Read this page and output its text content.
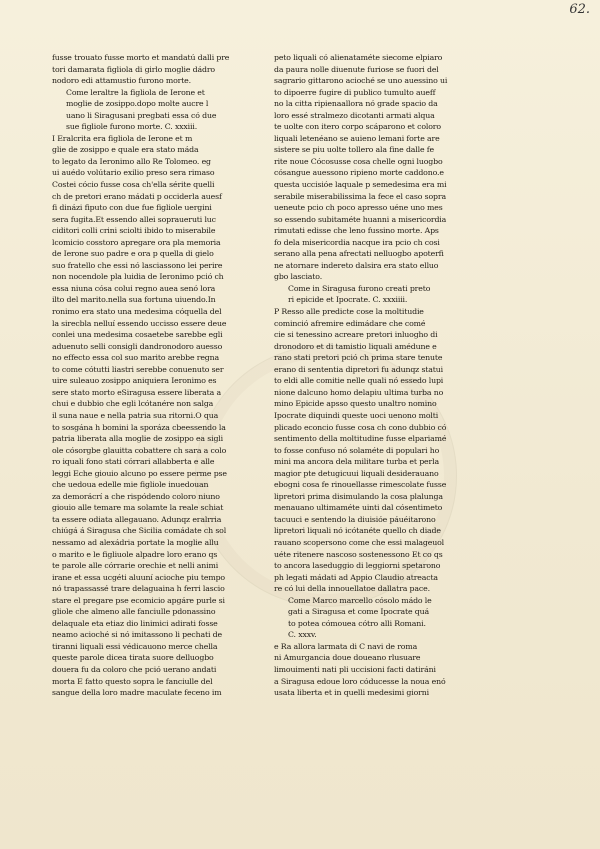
62.
fusse trouato fusse morto et mandatú dalli pre
tori damarata figliola di girlo moglie dádro
nodoro edi attamustio furono morte.
Come leraltre la figliola de Ierone et
moglie de zosippo.dopo molte aucre l
uano li Siragusani pregbati essa có due
sue figliole furono morte. C. xxxiii.
I Eralcrita era figliola de Ierone et m
glie de zosippo e quale era stato máda
to legato da Ieronimo allo Re Tolomeo. eg
ui auédo volútario exilio preso sera rimaso
Costei cócio fusse cosa ch'ella sérite quelli
ch de pretori erano mádati p occiderla auesf
fi dinázi fiputo con due fue figliole uergini
sera fugita.Et essendo allei sopraueruti luc
ciditori colli crini sciolti ibido to miserabile
lcomicio cosstoro apregare ora pla memoria
de Ierone suo padre e ora p quella di gielo
suo fratello che essi nó lasciassono lei perire
non nocendole pla luidia de Ieronimo pció ch
essa niuna cósa colui regno auea senó lora
ilto del marito.nella sua fortuna uiuendo.In
ronimo era stato una medesima cóquella del
la sirecbla nelluí essendo uccisso essere deue
conlei una medesima cosaetebe sarebbe egli
aduenuto selli consigli dandronodoro auesso
no effecto essa col suo marito arebbe regna
to come cótutti liastri serebbe conuenuto ser
uire suleauo zosippo aniquiera Ieronimo es
sere stato morto eSiragusa essere liberata a
chui e dubbio che egli lcótanére non salga
il suna naue e nella patria sua ritorni.O qua
to sosgána h bomini la sporáza cbeessendo la
patria liberata alla moglie de zosippo ea sigli
ole cósorgbe glauitta cobattere ch sara a colo
ro iquali fono stati córrari allabberta e alle
leggi Eche giouio alcuno po essere perme pse
che uedoua edelle mie figliole inuedouan
za demorácrí a che rispódendo coloro niuno
giouio alle temare ma solamte la reale schiat
ta essere odiata allegauano. Adunqz eralrria
chiúgá á Siragusa che Sicilia comádate ch sol
nessamo ad alexádria portate la moglie allu
o marito e le figliuole alpadre loro erano qs
te parole alle córrarie orechie et nelli animi
irane et essa ucgéti aluuní acioche piu tempo
nó trapassassé trare delaguaina h ferri lascio
stare el pregare pse ecomicio apgáre purle si
gliole che almeno alle fanciulle pdonassino
delaquale eta etiaz dio linimici adirati fosse
neamo acioché si nó imitassono li pechati de
tiranni liquali essi védicauono merce chella
queste parole dicea tirata suore delluogbo
douera fu da coloro che pció uerano andati
morta E fatto questo sopra le fanciulle del
sangue della loro madre maculate feceno im
peto liquali có alienataméte siecome elpiaro
da paura nolle diuenute furiose se fuori del
sagrario gittarono acioché se uno auessino ui
to dipoerre fugire di publico tumulto aueff
no la citta ripienaallora nó grade spacio da
loro essé stralmezo dicotanti armati alqua
te uolte con itero corpo scáparono et coloro
liquali letenéano se auieno lemani forte are
sistere se piu uolte tollero ala fine dalle fe
rite noue Cócosusse cosa chelle ogni luogbo
cósangue auessono ripieno morte caddono.e
questa uccisióe laquale p semedesima era mi
serabile miserabilissima la fece el caso sopra
ueneute pcio ch poco apresso uéne uno mes
so essendo subitaméte huanni a misericordia
rimutati edisse che leno fussino morte. Aps
fo dela misericordia nacque ira pcio ch cosi
serano alla pena afrectati nelluogbo apoterfi
ne atornare indereto dalsira era stato elluo
gbo lasciato.
Come in Siragusa furono creati preto
ri epicide et Ipocrate. C. xxxiiii.
P Resso alle predicte cose la moltitudie
cominció afremire edimádare che comé
cie si tenessino acreare pretori inluogho di
dronodoro et di tamistio liquali amédune e
rano stati pretori pció ch prima stare tenute
erano di sententia dipretori fu adunqz statui
to eldi alle comitie nelle quali nó essedo lupi
nione dalcuno homo delapiu ultima turba no
mino Epicide apsso questo unaltro nomino
Ipocrate diquindi queste uoci uenono molti
plicado econcio fusse cosa ch cono dubbio có
sentimento della moltitudine fusse elpariamé
to fosse confuso nó solaméte di populari ho
mini ma ancora dela militare turba et perla
magior pte detugicuui liquali desiderauano
ebogni cosa fe rinouellasse rimescolate fusse
lipretori prima disimulando la cosa plalunga
menauano ultimaméte uinti dal cósentimeto
tacuuci e sentendo la diuisióe páuéitarono
lipretori liquali nó icótanéte quello ch diade
rauano scopersono come che essi malageuol
uéte ritenere nascoso sostenessono Et co qs
to ancora laseduggio di leggiorni spetarono
ph legati mádati ad Appio Claudio atreacta
re có lui della innouellatoe dallatra pace.
Come Marco marcello cósolo mádo le
gati a Siragusa et come Ipocrate quá
to potea cómouea cótro alli Romani.
C. xxxv.
e Ra allora larmata di C navi de roma
ni Amurgancia doue doueano rlusuare
limouimenti nati pli uccisioni facti datiráni
a Siragusa edoue loro códucesse la noua enó
usata liberta et in quelli medesimi giorni
